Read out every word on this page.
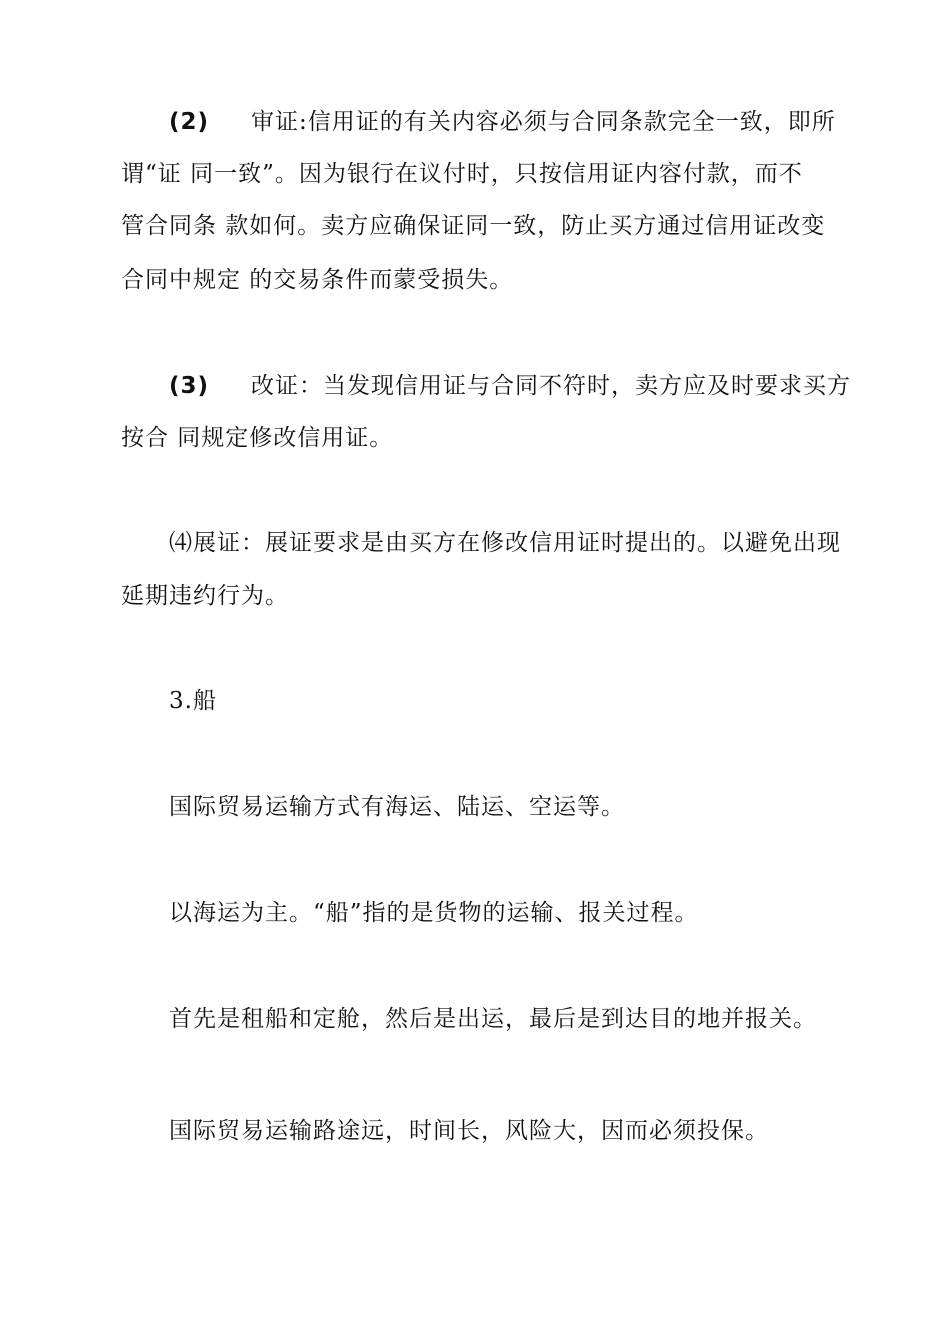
(2) 审证:信用证的有关内容必须与合同条款完全一致，即所

谓“证 同一致”。因为银行在议付时，只按信用证内容付款，而不

管合同条 款如何。卖方应确保证同一致，防止买方通过信用证改变

合同中规定 的交易条件而蒙受损失。

(3) 改证：当发现信用证与合同不符时，卖方应及时要求买方

按合 同规定修改信用证。

⑷展证：展证要求是由买方在修改信用证时提出的。以避免出现

延期违约行为。

3.船

国际贸易运输方式有海运、陆运、空运等。

以海运为主。“船”指的是货物的运输、报关过程。

首先是租船和定舱，然后是出运，最后是到达目的地并报关。

国际贸易运输路途远，时间长，风险大，因而必须投保。
